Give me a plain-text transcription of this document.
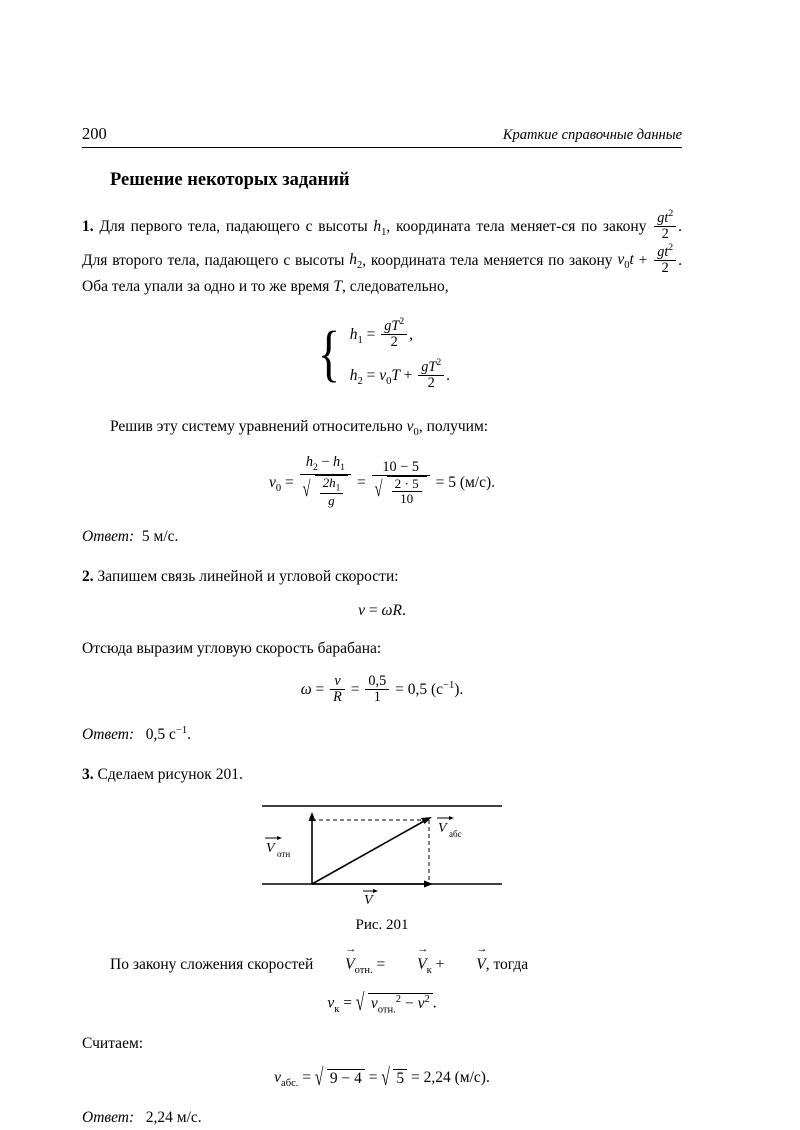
200	Краткие справочные данные
Решение некоторых заданий

1. Для первого тела, падающего с высоты $h_1$, координата тела меняет-ся по закону $\frac{gt^2}{2}$ . Для второго тела, падающего с высоты $h_2$, координата тела меняется по закону $v_0t + \frac{gt^2}{2}$ . Оба тела упали за одно и то же время T, следовательно,

{ $h_1 = \frac{gT^2}{2}$ ,
$h_2 = v_0T + \frac{gT^2}{2}$ .

Решив эту систему уравнений относительно $v_0$, получим:

$v_0 = h_2 - h_1$
√ $\frac{2h_1}{g} = 10 - 5$
√ $\frac{2 \cdot 5}{10} = 5$ (м/с).

Ответ: 5 м/с.

2. Запишем связь линейной и угловой скорости:

v = ωR.

Отсюда выразим угловую скорость барабана:

$\omega = \frac{v}{R} = \frac{0,5}{1} = 0,5$ $(с^{-1})$.

Ответ: 0,5 $с^{-1}$.

3. Сделаем рисунок 201.

V абс
V отн
V
Рис. 201

По закону сложения скоростей $V \to_{отн.} = V \to_к + V$ →, тогда

$v_к$ = √ $v_{отн.}^2 - v^2$ .

Считаем:

$v_{абс.}$ = √ 9 − 4 = √ 5 = 2,24 (м/с).

Ответ: 2,24 м/с.
